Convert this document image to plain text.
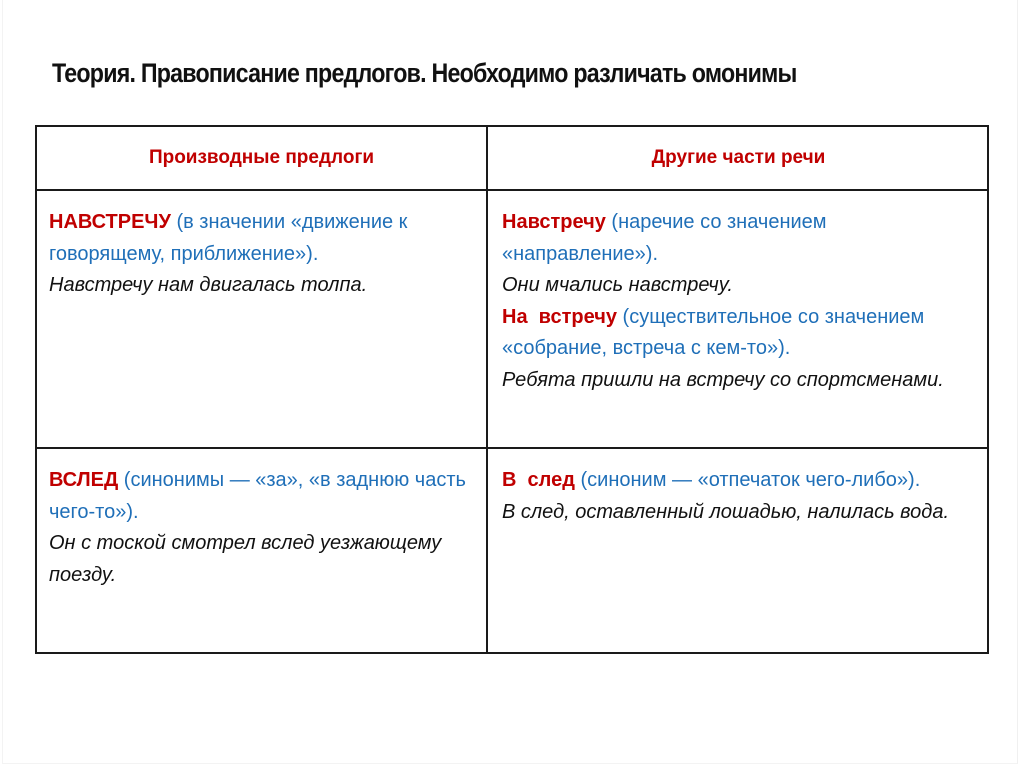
Теория. Правописание предлогов. Необходимо различать омонимы
Производные предлоги	Другие части речи
НАВСТРЕЧУ (в значении «движение к говорящему, приближение»).
Навстречу нам двигалась толпа.
Навстречу (наречие со значением «направление»).
Они мчались навстречу.
На  встречу (существительное со значением «собрание, встреча с кем-то»).
Ребята пришли на встречу со спортсменами.
ВСЛЕД (синонимы — «за», «в заднюю часть чего-то»).
Он с тоской смотрел вслед уезжающему поезду.
В  след (синоним — «отпечаток чего-либо»).
В след, оставленный лошадью, налилась вода.
